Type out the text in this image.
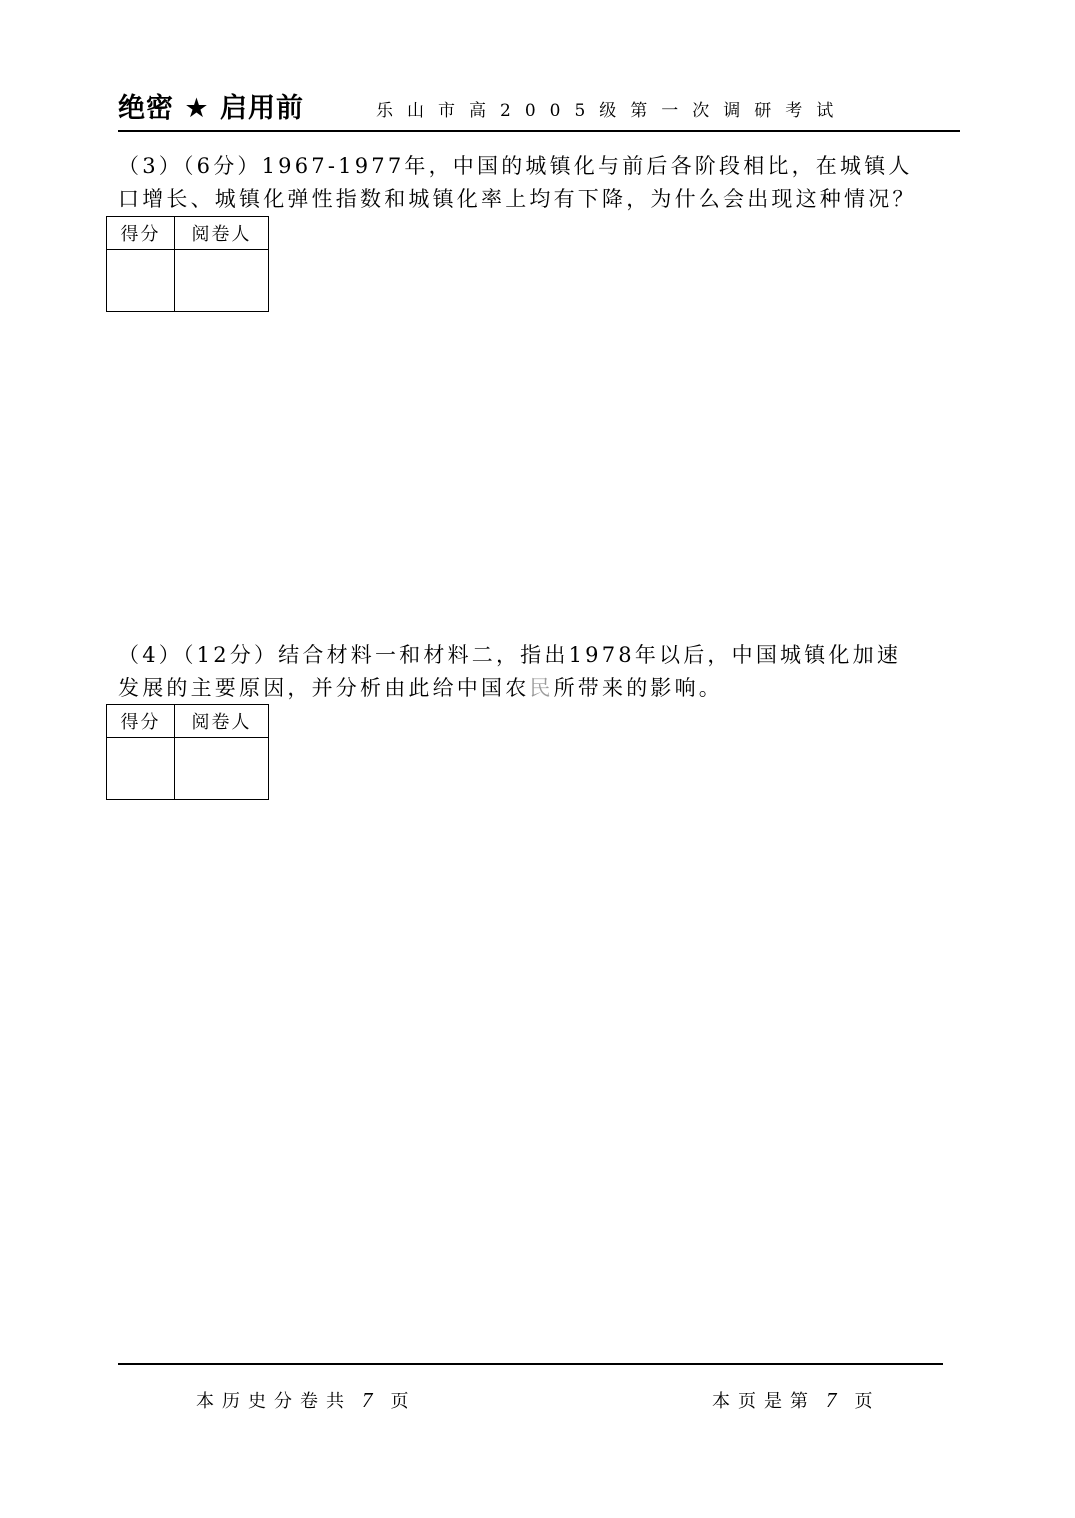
绝密 ★ 启用前	乐山市高2005级第一次调研考试
（3）（6分）1967-1977年，中国的城镇化与前后各阶段相比，在城镇人
口增长、城镇化弹性指数和城镇化率上均有下降，为什么会出现这种情况？
得分	阅卷人

（4）（12分）结合材料一和材料二，指出1978年以后，中国城镇化加速
发展的主要原因，并分析由此给中国农民所带来的影响。
得分	阅卷人

本历史分卷共 7 页	本页是第 7 页
